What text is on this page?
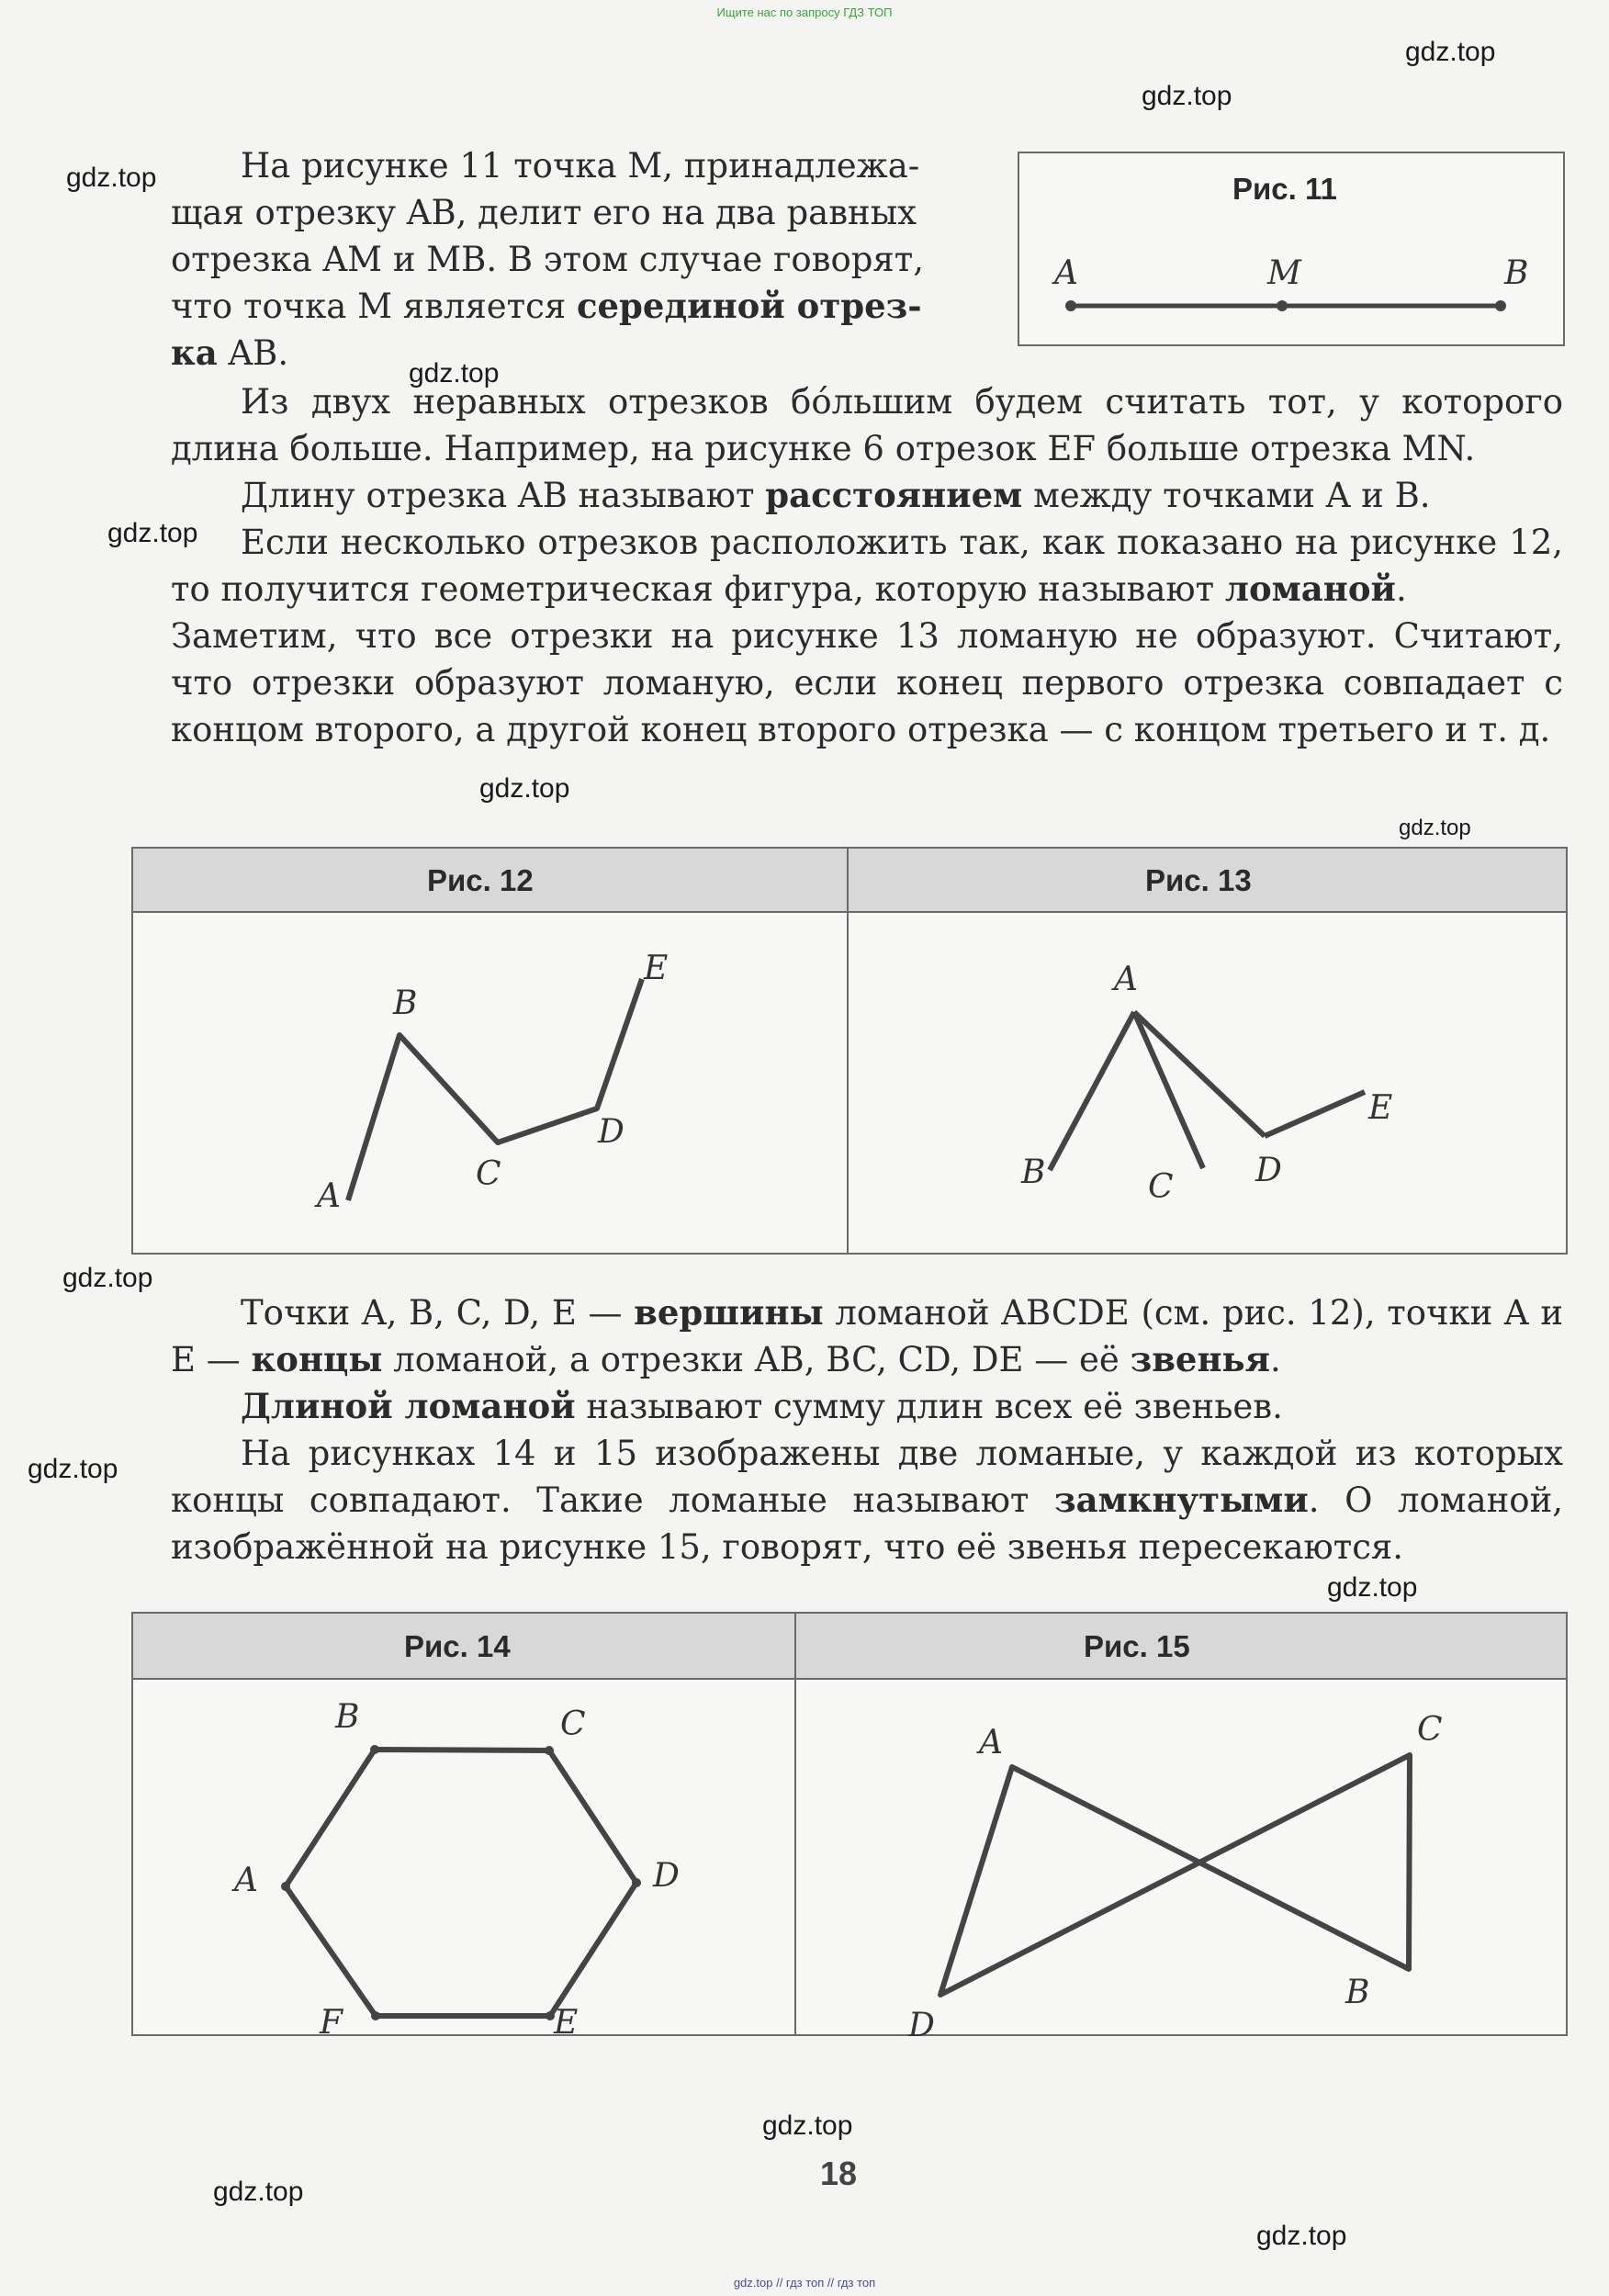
Ищите нас по запросу ГДЗ ТОП
gdz.top // гдз топ // гдз топ
gdz.top
gdz.top
gdz.top
gdz.top
gdz.top
gdz.top
gdz.top
gdz.top
gdz.top
gdz.top
gdz.top
gdz.top
gdz.top

На рисунке 11 точка M, принадлежа-

щая отрезку AB, делит его на два равных

отрезка AM и MB. В этом случае говорят,

что точка M является серединой отрез-

ка AB.

Рис. 11
A	M	B

Из двух неравных отрезков бо́льшим будем считать тот, у которого длина больше. Например, на рисунке 6 отрезок EF больше отрезка MN.

Длину отрезка AB называют расстоянием между точками A и B.

Если несколько отрезков расположить так, как показано на рисунке 12, то получится геометрическая фигура, которую называют ломаной.

Заметим, что все отрезки на рисунке 13 ломаную не образуют. Считают, что отрезки образуют ломаную, если конец первого отрезка совпадает с концом второго, а другой конец второго отрезка — с концом третьего и т. д.

Рис. 12	Рис. 13
A
B
C
D
E	A
B	C D
E

Точки A, B, C, D, E — вершины ломаной ABCDE (см. рис. 12), точки A и E — концы ломаной, а отрезки AB, BC, CD, DE — её звенья.

Длиной ломаной называют сумму длин всех её звеньев.

На рисунках 14 и 15 изображены две ломаные, у каждой из которых концы совпадают. Такие ломаные называют замкнутыми. О ломаной, изображённой на рисунке 15, говорят, что её звенья пересекаются.

Рис. 14	Рис. 15
A
B	C
D
E
F
A
B
C
D
18
